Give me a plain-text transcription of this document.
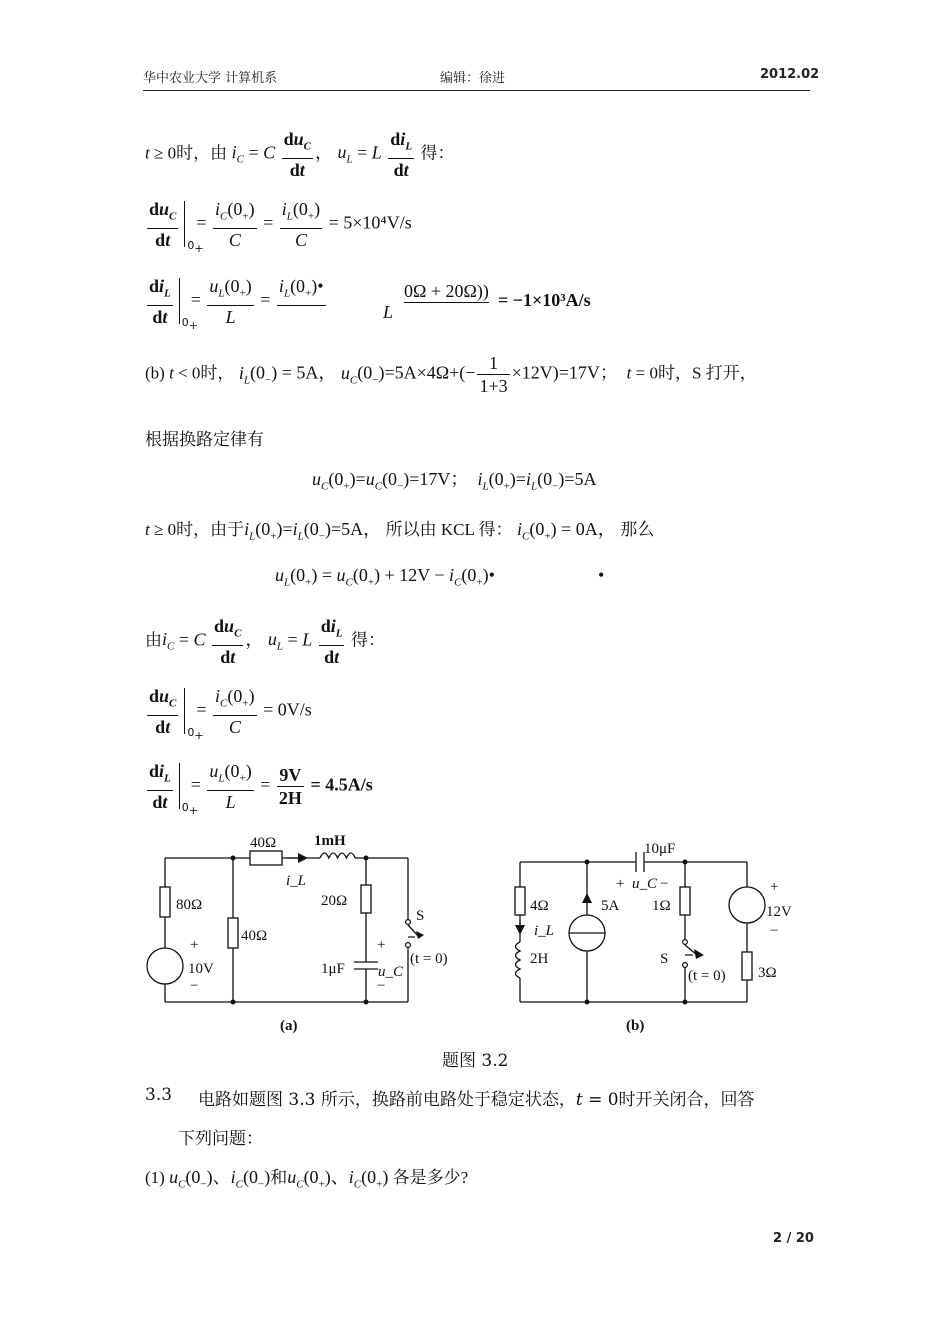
华中农业大学 计算机系	编辑：徐进	2012.02
t ≥ 0时，由 $i_C = C \frac{du_C}{dt}$ ， $u_L = L \frac{di_L}{dt}$ 得：
$\frac{du_C}{dt} 0_+$
= $\frac{i_C(0_+)}{C} = \frac{i_L(0_+)}{C} = 5\times 10^4V/s$
$\frac{di_L}{dt} 0_+$
= $\frac{u_L(0_+)}{L}$ =
$i_L(0_+)•$

L
0Ω + 20Ω)) = −1×10³A/s
(b) t < 0时， $i_L(0_-) = 5A$， $u_C(0_-)=5A\times 4\Omega+(- \frac{1}{1+3} \times 12V)=17V$； t = 0时，S 打开，
根据换路定律有
$u_C(0_+)=u_C(0_-)=17V$；  $i_L(0_+)=i_L(0_-)=5A$
t ≥ 0时，由于$i_L(0_+)=i_L(0_-)=5A$， 所以由 KCL 得： $i_C(0_+) = 0A$， 那么
$u_L(0_+) = u_C(0_+) + 12V$ − $i_C(0_+)•$	•
由$i_C = C \frac{du_C}{dt}$ ， $u_L = L \frac{di_L}{dt}$ 得：
$\frac{du_C}{dt} 0_+$
= $\frac{i_C(0_+)}{C} = 0V/s$
$\frac{di_L}{dt} 0_+$
= $\frac{u_L(0_+)}{L} = \frac{9V}{2H} = 4.5A/s$
40Ω	1mH
i_L
80Ω	20Ω
S
40Ω
+	+
10V	1μF u_C
(t = 0)
−	−
(a)
10μF
+ u_C −
4Ω	5A 1Ω
+
12V
−
i_L
2H	S
(t = 0) 3Ω
(b)
题图 3.2
3.3 电路如题图 3.3 所示，换路前电路处于稳定状态，t = 0时开关闭合，回答
下列问题：
(1) $u_C(0_-)$、$i_C(0_-)$和$u_C(0_+)$、$i_C(0_+)$ 各是多少?
2 / 20
